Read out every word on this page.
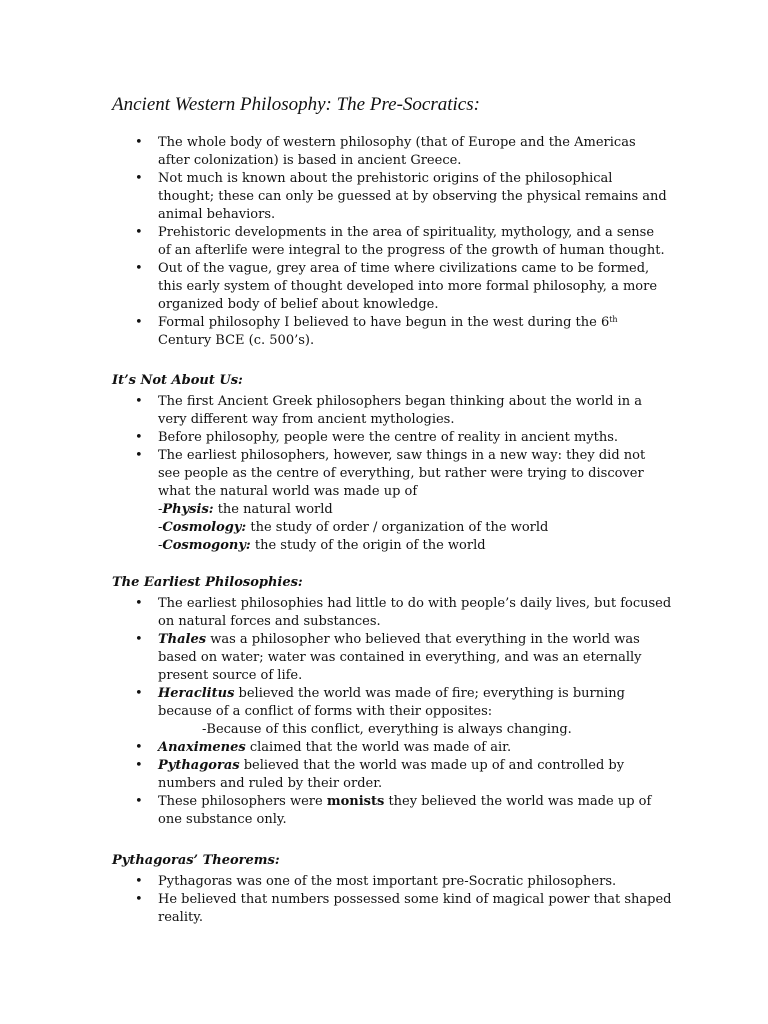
Ancient Western Philosophy: The Pre-Socratics:
• The whole body of western philosophy (that of Europe and the Americas
after colonization) is based in ancient Greece.
• Not much is known about the prehistoric origins of the philosophical
thought; these can only be guessed at by observing the physical remains and
animal behaviors.
• Prehistoric developments in the area of spirituality, mythology, and a sense
of an afterlife were integral to the progress of the growth of human thought.
• Out of the vague, grey area of time where civilizations came to be formed,
this early system of thought developed into more formal philosophy, a more
organized body of belief about knowledge.
• Formal philosophy I believed to have begun in the west during the 6th
Century BCE (c. 500’s).
It’s Not About Us:
• The first Ancient Greek philosophers began thinking about the world in a
very different way from ancient mythologies.
• Before philosophy, people were the centre of reality in ancient myths.
• The earliest philosophers, however, saw things in a new way: they did not
see people as the centre of everything, but rather were trying to discover
what the natural world was made up of
-Physis: the natural world
-Cosmology: the study of order / organization of the world
-Cosmogony: the study of the origin of the world
The Earliest Philosophies:
• The earliest philosophies had little to do with people’s daily lives, but focused
on natural forces and substances.
• Thales was a philosopher who believed that everything in the world was
based on water; water was contained in everything, and was an eternally
present source of life.
• Heraclitus believed the world was made of fire; everything is burning
because of a conflict of forms with their opposites:
-Because of this conflict, everything is always changing.
• Anaximenes claimed that the world was made of air.
• Pythagoras believed that the world was made up of and controlled by
numbers and ruled by their order.
• These philosophers were monists they believed the world was made up of
one substance only.
Pythagoras’ Theorems:
• Pythagoras was one of the most important pre-Socratic philosophers.
• He believed that numbers possessed some kind of magical power that shaped
reality.
